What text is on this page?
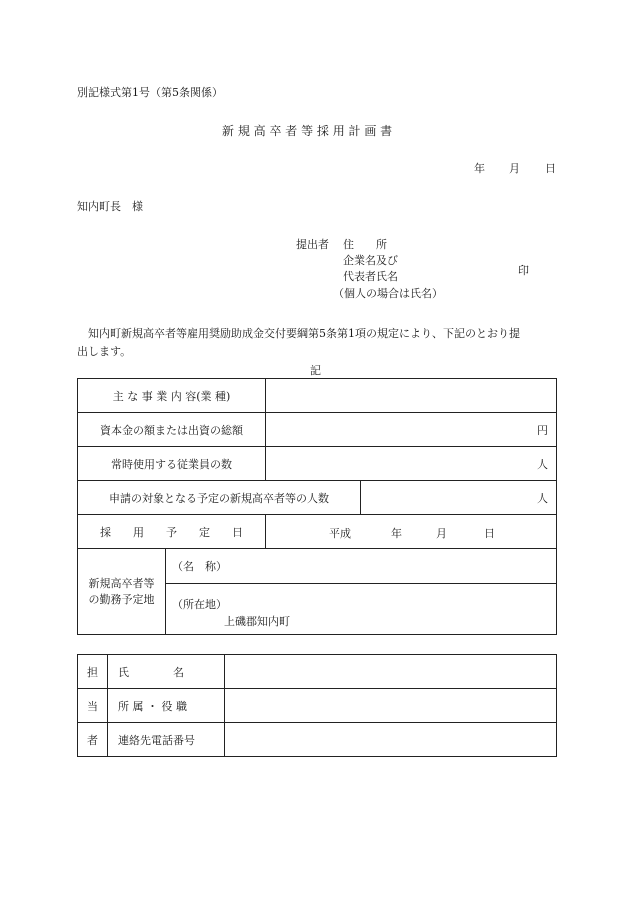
別記様式第1号（第5条関係）
新 規 高 卒 者 等 採 用 計 画 書
年 月 日
知内町長　様
提出者 住　　所
企業名及び
代表者氏名	印
（個人の場合は氏名）
知内町新規高卒者等雇用奨励助成金交付要綱第5条第1項の規定により、下記のとおり提
出します。
記
主 な 事 業 内 容(業 種)			
資本金の額または出資の総額		円	
常時使用する従業員の数		人	
申請の対象となる予定の新規高卒者等の人数			人
採　　用　　予　　定　　日		平成 年 月 日	

新規高卒者等
の勤務予定地	（名　称）		
	（所在地）
上磯郡知内町		
担	氏　　　　名	
当	所 属 ・ 役 職	
者	連絡先電話番号	
